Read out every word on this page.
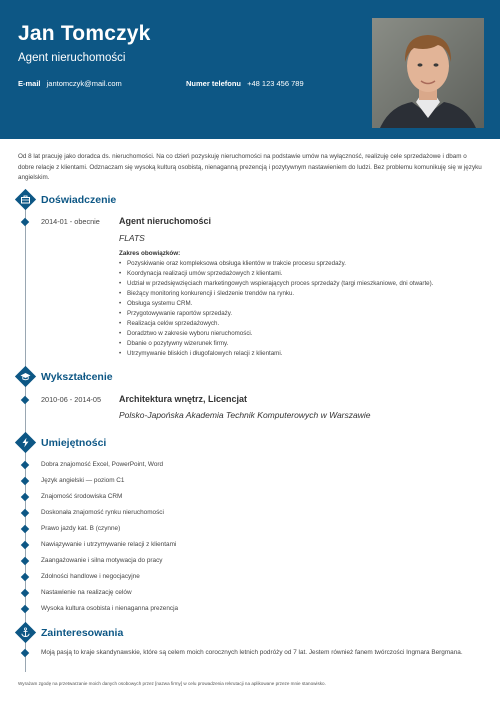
Jan Tomczyk
Agent nieruchomości
E-mail jantomczyk@mail.com	Numer telefonu +48 123 456 789
Od 8 lat pracuję jako doradca ds. nieruchomości. Na co dzień pozyskuję nieruchomości na podstawie umów na wyłączność, realizuję cele sprzedażowe i dbam o dobre relacje z klientami. Odznaczam się wysoką kulturą osobistą, nienaganną prezencją i pozytywnym nastawieniem do ludzi. Bez problemu komunikuję się w języku angielskim.
Doświadczenie
2014-01 - obecnie Agent nieruchomości
FLATS
Zakres obowiązków:
• Pozyskiwanie oraz kompleksowa obsługa klientów w trakcie procesu sprzedaży.
• Koordynacja realizacji umów sprzedażowych z klientami.
• Udział w przedsięwzięciach marketingowych wspierających proces sprzedaży (targi mieszkaniowe, dni otwarte).
• Bieżący monitoring konkurencji i śledzenie trendów na rynku.
• Obsługa systemu CRM.
• Przygotowywanie raportów sprzedaży.
• Realizacja celów sprzedażowych.
• Doradztwo w zakresie wyboru nieruchomości.
• Dbanie o pozytywny wizerunek firmy.
• Utrzymywanie bliskich i długofalowych relacji z klientami.
Wykształcenie
2010-06 - 2014-05 Architektura wnętrz, Licencjat
Polsko-Japońska Akademia Technik Komputerowych w Warszawie
Umiejętności
Dobra znajomość Excel, PowerPoint, Word
Język angielski — poziom C1
Znajomość środowiska CRM
Doskonała znajomość rynku nieruchomości
Prawo jazdy kat. B (czynne)
Nawiązywanie i utrzymywanie relacji z klientami
Zaangażowanie i silna motywacja do pracy
Zdolności handlowe i negocjacyjne
Nastawienie na realizację celów
Wysoka kultura osobista i nienaganna prezencja
Zainteresowania
Moją pasją to kraje skandynawskie, które są celem moich corocznych letnich podróży od 7 lat. Jestem również fanem twórczości Ingmara Bergmana.
Wyrażam zgodę na przetwarzanie moich danych osobowych przez [nazwa firmy] w celu prowadzenia rekrutacji na aplikowane przeze mnie stanowisko.
